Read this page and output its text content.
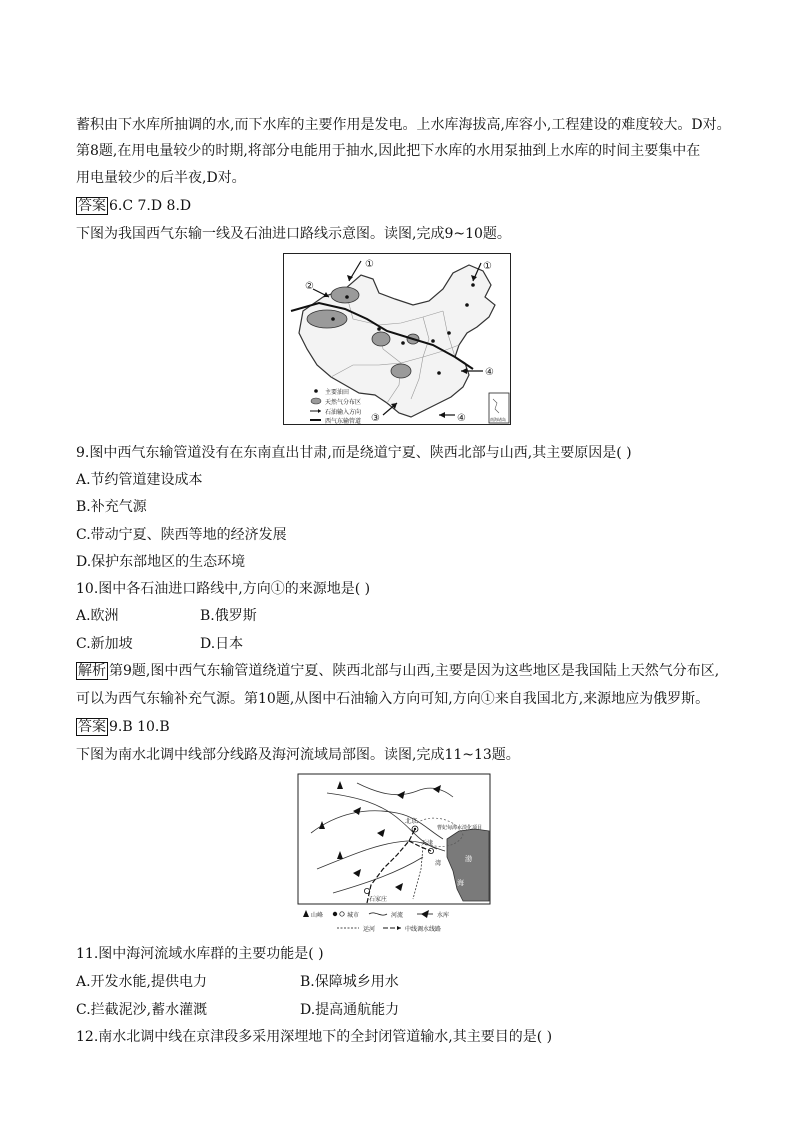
蓄积由下水库所抽调的水,而下水库的主要作用是发电。上水库海拔高,库容小,工程建设的难度较大。D对。
第8题,在用电量较少的时期,将部分电能用于抽水,因此把下水库的水用泵抽到上水库的时间主要集中在
用电量较少的后半夜,D对。
答案 6.C 7.D 8.D
下图为我国西气东输一线及石油进口路线示意图。读图,完成9~10题。
①	①
②
③
④
④
主要油田
天然气分布区
石油输入方向
西气东输管道	南海诸岛
9.图中西气东输管道没有在东南直出甘肃,而是绕道宁夏、陕西北部与山西,其主要原因是( )
A.节约管道建设成本
B.补充气源
C.带动宁夏、陕西等地的经济发展
D.保护东部地区的生态环境
10.图中各石油进口路线中,方向①的来源地是( )
A.欧洲	B.俄罗斯
C.新加坡	D.日本
解析 第9题,图中西气东输管道绕道宁夏、陕西北部与山西,主要是因为这些地区是我国陆上天然气分布区,
可以为西气东输补充气源。第10题,从图中石油输入方向可知,方向①来自我国北方,来源地应为俄罗斯。
答案 9.B 10.B
下图为南水北调中线部分线路及海河流域局部图。读图,完成11~13题。
渤
海
湾
北京
天津
石家庄
曹妃甸海水淡化项目
山峰	城市	河流	水库
运河	中线调水线路
11.图中海河流域水库群的主要功能是( )
A.开发水能,提供电力	B.保障城乡用水
C.拦截泥沙,蓄水灌溉	D.提高通航能力
12.南水北调中线在京津段多采用深埋地下的全封闭管道输水,其主要目的是( )
